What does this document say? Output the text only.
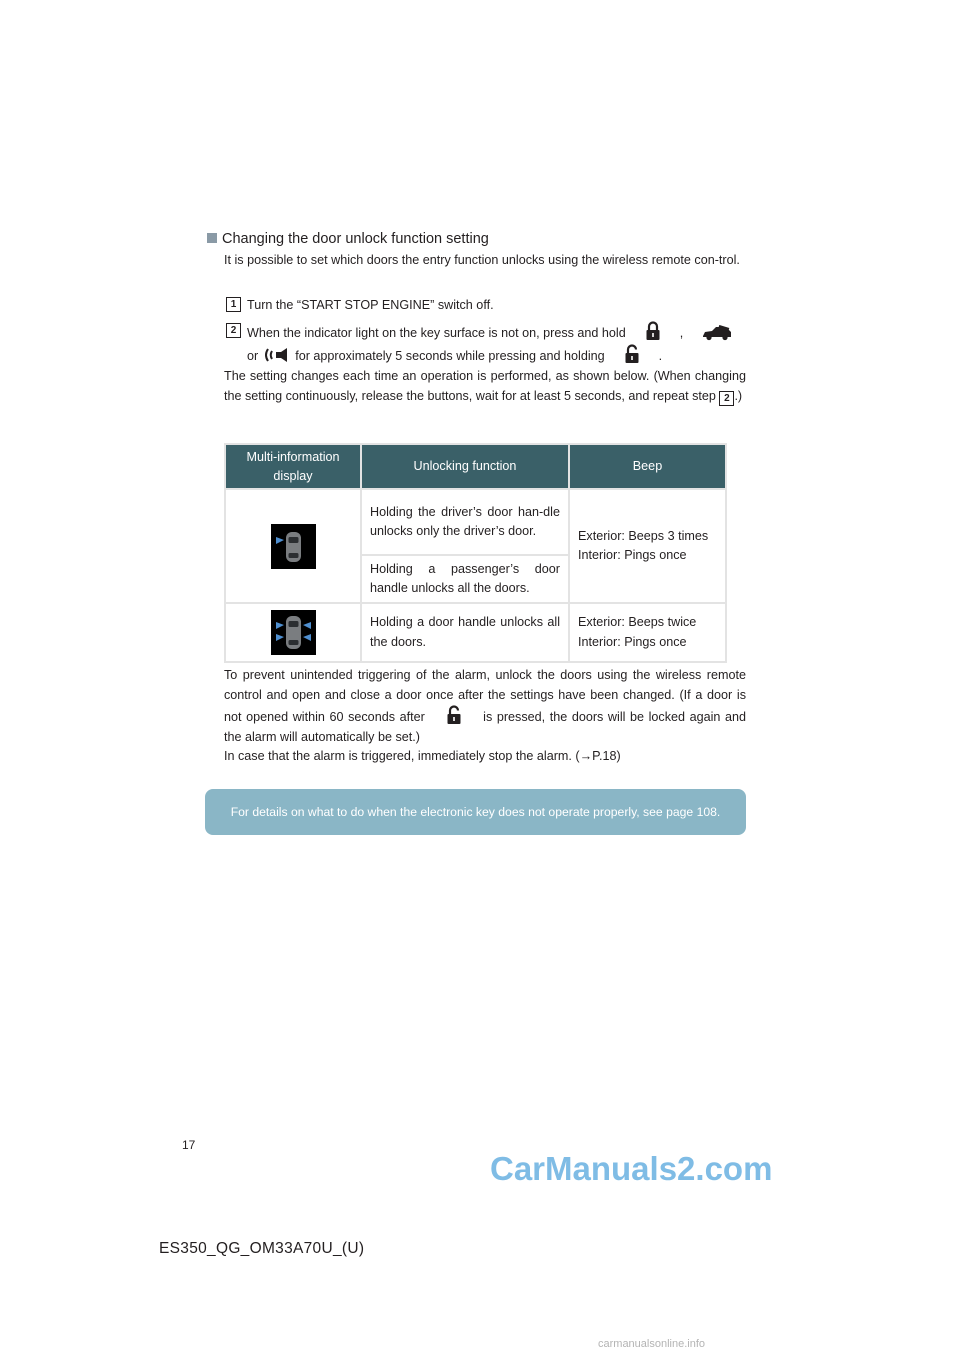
Changing the door unlock function setting
It is possible to set which doors the entry function unlocks using the wireless remote con-trol.
1 Turn the “START STOP ENGINE” switch off.
2 When the indicator light on the key surface is not on, press and hold	,
or	for approximately 5 seconds while pressing and holding	.
The setting changes each time an operation is performed, as shown below. (When changing the setting continuously, release the buttons, wait for at least 5 seconds, and repeat step 2 .)
Multi-information display	Unlocking function	Beep
	Holding the driver’s door han-dle unlocks only the driver’s door.	Exterior: Beeps 3 times
Interior: Pings once

	Holding a passenger’s door handle unlocks all the doors.	
	Holding a door handle unlocks all the doors.	Exterior: Beeps twice
Interior: Pings once
To prevent unintended triggering of the alarm, unlock the doors using the wireless remote control and open and close a door once after the settings have been changed. (If a door is not opened within 60 seconds after	is pressed, the doors will be locked again and the alarm will automatically be set.)
In case that the alarm is triggered, immediately stop the alarm. (→P.18)
For details on what to do when the electronic key does not operate properly, see page 108.
17
CarManuals2.com
ES350_QG_OM33A70U_(U)
carmanualsonline.info
